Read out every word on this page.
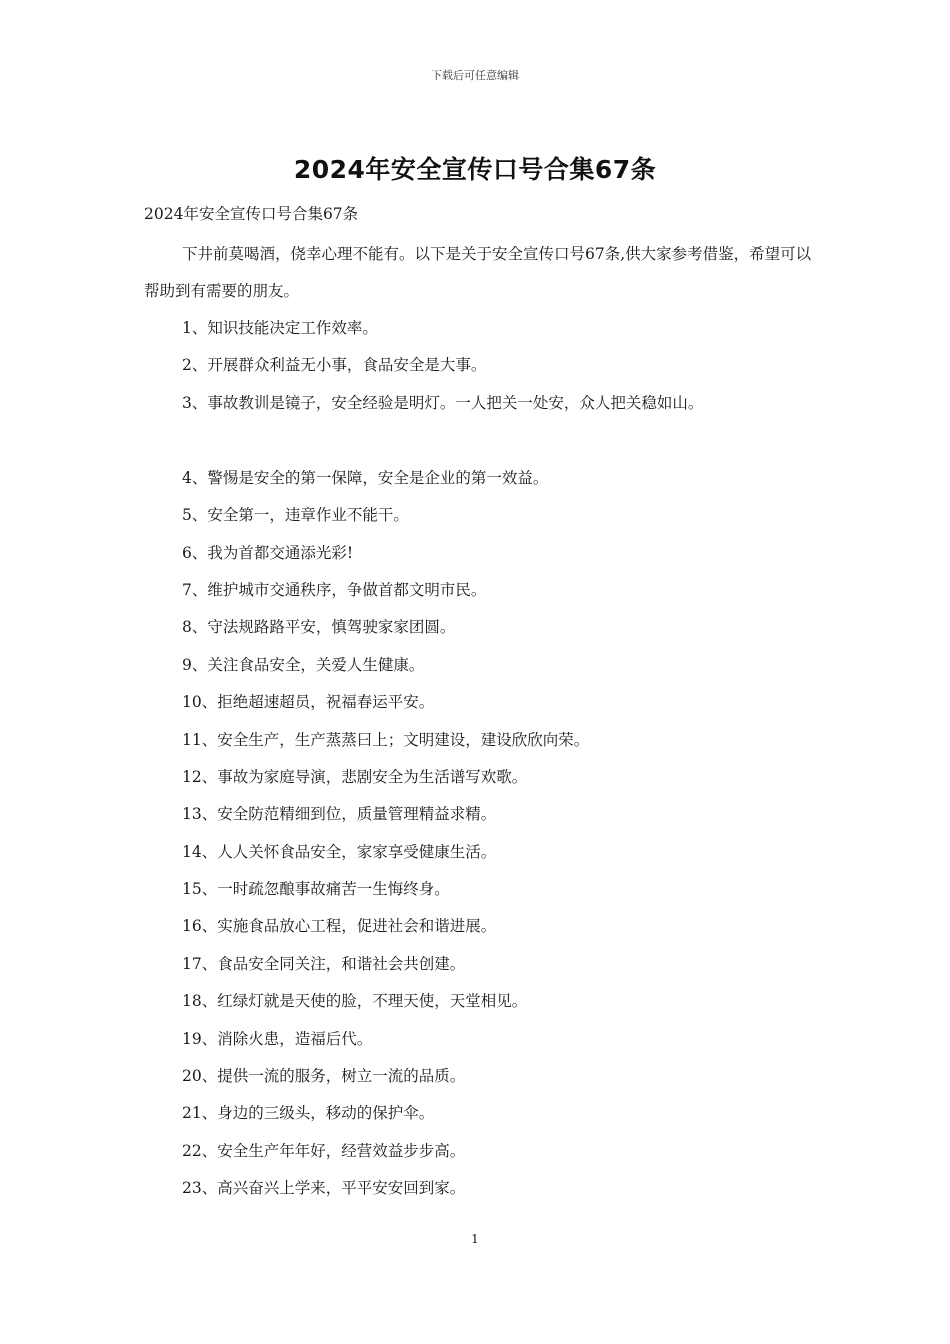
下载后可任意编辑
2024年安全宣传口号合集67条
2024年安全宣传口号合集67条
下井前莫喝酒，侥幸心理不能有。以下是关于安全宣传口号67条,供大家参考借鉴，希望可以帮助到有需要的朋友。
1、知识技能决定工作效率。
2、开展群众利益无小事，食品安全是大事。
3、事故教训是镜子，安全经验是明灯。一人把关一处安，众人把关稳如山。
4、警惕是安全的第一保障，安全是企业的第一效益。
5、安全第一，违章作业不能干。
6、我为首都交通添光彩!
7、维护城市交通秩序，争做首都文明市民。
8、守法规路路平安，慎驾驶家家团圆。
9、关注食品安全，关爱人生健康。
10、拒绝超速超员，祝福春运平安。
11、安全生产，生产蒸蒸曰上；文明建设，建设欣欣向荣。
12、事故为家庭导演，悲剧安全为生活谱写欢歌。
13、安全防范精细到位，质量管理精益求精。
14、人人关怀食品安全，家家享受健康生活。
15、一时疏忽酿事故痛苦一生悔终身。
16、实施食品放心工程，促进社会和谐进展。
17、食品安全同关注，和谐社会共创建。
18、红绿灯就是天使的脸，不理天使，天堂相见。
19、消除火患，造福后代。
20、提供一流的服务，树立一流的品质。
21、身边的三级头，移动的保护伞。
22、安全生产年年好，经营效益步步高。
23、高兴奋兴上学来，平平安安回到家。
1
